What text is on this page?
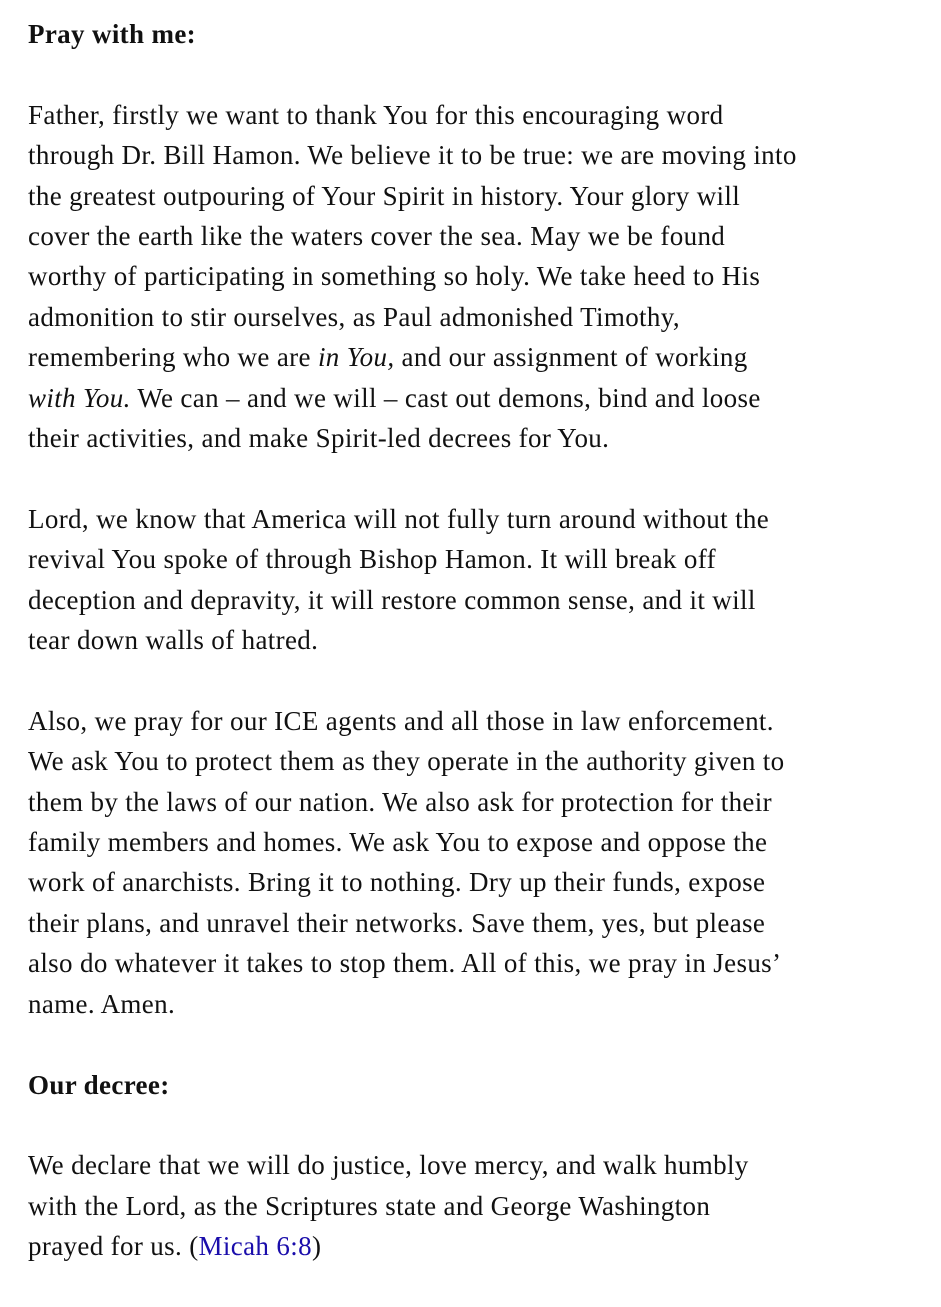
Pray with me:

Father, firstly we want to thank You for this encouraging word
through Dr. Bill Hamon. We believe it to be true: we are moving into
the greatest outpouring of Your Spirit in history. Your glory will
cover the earth like the waters cover the sea. May we be found
worthy of participating in something so holy. We take heed to His
admonition to stir ourselves, as Paul admonished Timothy,
remembering who we are in You, and our assignment of working
with You. We can – and we will – cast out demons, bind and loose
their activities, and make Spirit-led decrees for You.

Lord, we know that America will not fully turn around without the
revival You spoke of through Bishop Hamon. It will break off
deception and depravity, it will restore common sense, and it will
tear down walls of hatred.

Also, we pray for our ICE agents and all those in law enforcement.
We ask You to protect them as they operate in the authority given to
them by the laws of our nation. We also ask for protection for their
family members and homes. We ask You to expose and oppose the
work of anarchists. Bring it to nothing. Dry up their funds, expose
their plans, and unravel their networks. Save them, yes, but please
also do whatever it takes to stop them. All of this, we pray in Jesus’
name. Amen.

Our decree:

We declare that we will do justice, love mercy, and walk humbly
with the Lord, as the Scriptures state and George Washington
prayed for us. (Micah 6:8)
